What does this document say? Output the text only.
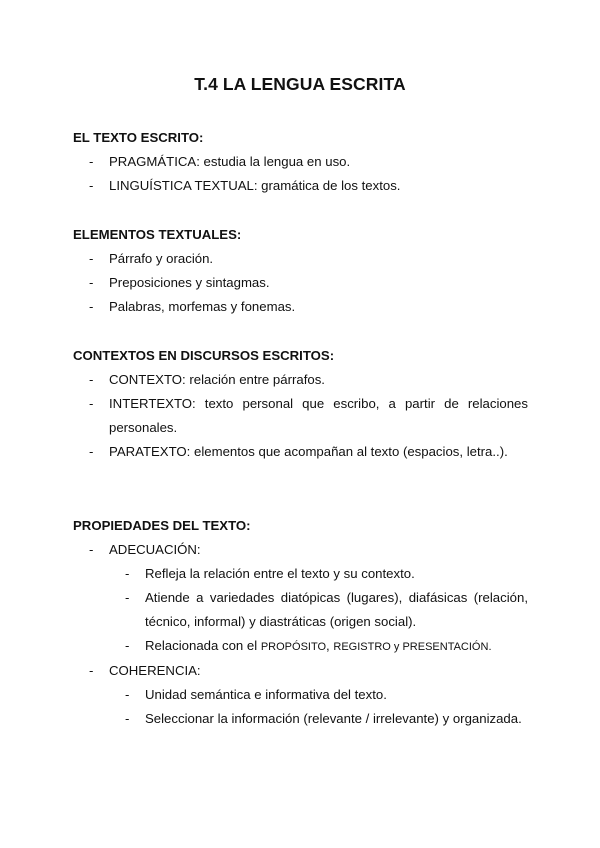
T.4 LA LENGUA ESCRITA

EL TEXTO ESCRITO:

- PRAGMÁTICA: estudia la lengua en uso.
- LINGUÍSTICA TEXTUAL: gramática de los textos.

ELEMENTOS TEXTUALES:

- Párrafo y oración.
- Preposiciones y sintagmas.
- Palabras, morfemas y fonemas.

CONTEXTOS EN DISCURSOS ESCRITOS:

- CONTEXTO: relación entre párrafos.
- INTERTEXTO: texto personal que escribo, a partir de relaciones personales.
- PARATEXTO: elementos que acompañan al texto (espacios, letra..).

PROPIEDADES DEL TEXTO:

- ADECUACIÓN:
- Refleja la relación entre el texto y su contexto.
- Atiende a variedades diatópicas (lugares), diafásicas (relación, técnico, informal) y diastráticas (origen social).
- Relacionada con el PROPÓSITO, REGISTRO y PRESENTACIÓN.
- COHERENCIA:
- Unidad semántica e informativa del texto.
- Seleccionar la información (relevante / irrelevante) y organizada.
